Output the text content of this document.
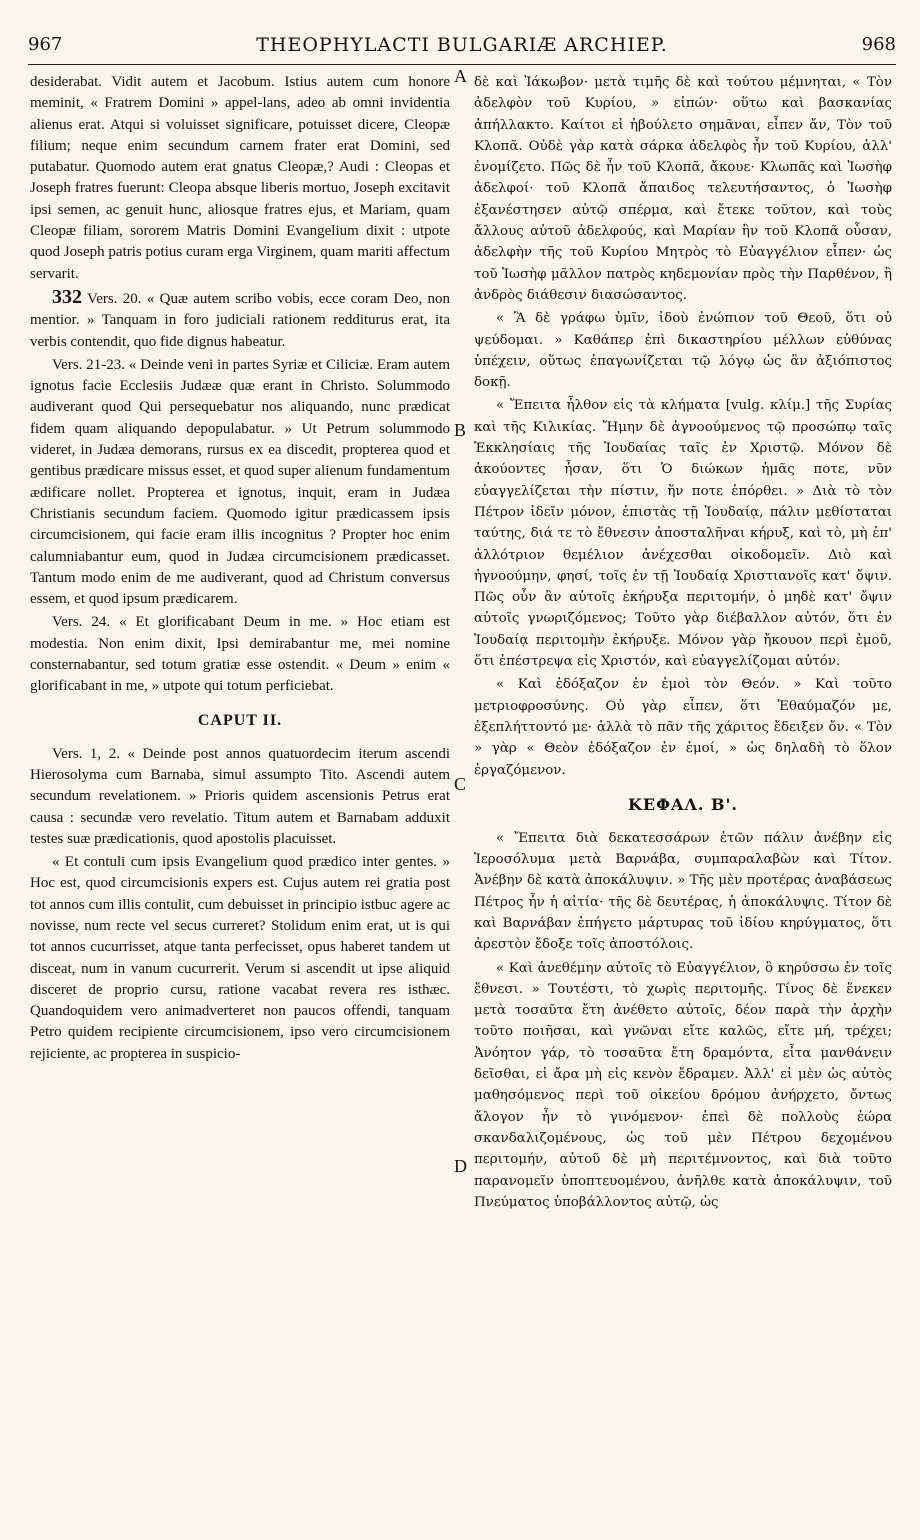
967	THEOPHYLACTI BULGARIÆ ARCHIEP.	968
A
B
C
D

desiderabat. Vidit autem et Jacobum. Istius autem cum honore meminit, « Fratrem Domini » appel-lans, adeo ab omni invidentia alienus erat. Atqui si voluisset significare, potuisset dicere, Cleopæ filium; neque enim secundum carnem frater erat Domini, sed putabatur. Quomodo autem erat gnatus Cleopæ,? Audi : Cleopas et Joseph fratres fuerunt: Cleopa absque liberis mortuo, Joseph excitavit ipsi semen, ac genuit hunc, aliosque fratres ejus, et Mariam, quam Cleopæ filiam, sororem Matris Domini Evangelium dixit : utpote quod Joseph patris potius curam erga Virginem, quam mariti affectum servarit.

332 Vers. 20. « Quæ autem scribo vobis, ecce coram Deo, non mentior. » Tanquam in foro judiciali rationem redditurus erat, ita verbis contendit, quo fide dignus habeatur.

Vers. 21-23. « Deinde veni in partes Syriæ et Ciliciæ. Eram autem ignotus facie Ecclesiis Judææ quæ erant in Christo. Solummodo audiverant quod Qui persequebatur nos aliquando, nunc prædicat fidem quam aliquando depopulabatur. » Ut Petrum solummodo videret, in Judæa demorans, rursus ex ea discedit, propterea quod et gentibus prædicare missus esset, et quod super alienum fundamentum ædificare nollet. Propterea et ignotus, inquit, eram in Judæa Christianis secundum faciem. Quomodo igitur prædicassem ipsis circumcisionem, qui facie eram illis incognitus ? Propter hoc enim calumniabantur eum, quod in Judæa circumcisionem prædicasset. Tantum modo enim de me audiverant, quod ad Christum conversus essem, et quod ipsum prædicarem.

Vers. 24. « Et glorificabant Deum in me. » Hoc etiam est modestia. Non enim dixit, Ipsi demirabantur me, mei nomine consternabantur, sed totum gratiæ esse ostendit. « Deum » enim « glorificabant in me, » utpote qui totum perficiebat.

CAPUT II.

Vers. 1, 2. « Deinde post annos quatuordecim iterum ascendi Hierosolyma cum Barnaba, simul assumpto Tito. Ascendi autem secundum revelationem. » Prioris quidem ascensionis Petrus erat causa : secundæ vero revelatio. Titum autem et Barnabam adduxit testes suæ prædicationis, quod apostolis placuisset.

« Et contuli cum ipsis Evangelium quod prædico inter gentes. » Hoc est, quod circumcisionis expers est. Cujus autem rei gratia post tot annos cum illis contulit, cum debuisset in principio istbuc agere ac novisse, num recte vel secus curreret? Stolidum enim erat, ut is qui tot annos cucurrisset, atque tanta perfecisset, opus haberet tandem ut disceat, num in vanum cucurrerit. Verum si ascendit ut ipse aliquid disceret de proprio cursu, ratione vacabat revera res isthæc. Quandoquidem vero animadverteret non paucos offendi, tanquam Petro quidem recipiente circumcisionem, ipso vero circumcisionem rejiciente, ac propterea in suspicio-

δὲ καὶ Ἰάκωβον· μετὰ τιμῆς δὲ καὶ τούτου μέμνηται, « Τὸν ἀδελφὸν τοῦ Κυρίου, » εἰπών· οὕτω καὶ βασκανίας ἀπήλλακτο. Καίτοι εἰ ἠβούλετο σημᾶναι, εἶπεν ἄν, Τὸν τοῦ Κλοπᾶ. Οὐδὲ γὰρ κατὰ σάρκα ἀδελφὸς ἦν τοῦ Κυρίου, ἀλλ' ἐνομίζετο. Πῶς δὲ ἦν τοῦ Κλοπᾶ, ἄκουε· Κλωπᾶς καὶ Ἰωσὴφ ἀδελφοί· τοῦ Κλοπᾶ ἄπαιδος τελευτήσαντος, ὁ Ἰωσὴφ ἐξανέστησεν αὐτῷ σπέρμα, καὶ ἔτεκε τοῦτον, καὶ τοὺς ἄλλους αὐτοῦ ἀδελφούς, καὶ Μαρίαν ἣν τοῦ Κλοπᾶ οὖσαν, ἀδελφὴν τῆς τοῦ Κυρίου Μητρὸς τὸ Εὐαγγέλιον εἶπεν· ὡς τοῦ Ἰωσὴφ μᾶλλον πατρὸς κηδεμονίαν πρὸς τὴν Παρθένον, ἢ ἀνδρὸς διάθεσιν διασώσαντος.

« Ἃ δὲ γράφω ὑμῖν, ἰδοὺ ἐνώπιον τοῦ Θεοῦ, ὅτι οὐ ψεύδομαι. » Καθάπερ ἐπὶ δικαστηρίου μέλλων εὐθύνας ὑπέχειν, οὕτως ἐπαγωνίζεται τῷ λόγῳ ὡς ἂν ἀξιόπιστος δοκῇ.

« Ἔπειτα ἦλθον εἰς τὰ κλήματα [vulg. κλίμ.] τῆς Συρίας καὶ τῆς Κιλικίας. Ἤμην δὲ ἀγνοούμενος τῷ προσώπῳ ταῖς Ἐκκλησίαις τῆς Ἰουδαίας ταῖς ἐν Χριστῷ. Μόνον δὲ ἀκούοντες ἦσαν, ὅτι Ὁ διώκων ἡμᾶς ποτε, νῦν εὐαγγελίζεται τὴν πίστιν, ἥν ποτε ἐπόρθει. » Διὰ τὸ τὸν Πέτρον ἰδεῖν μόνον, ἐπιστὰς τῇ Ἰουδαίᾳ, πάλιν μεθίσταται ταύτης, διά τε τὸ ἔθνεσιν ἀποσταλῆναι κήρυξ, καὶ τὸ, μὴ ἐπ' ἀλλότριον θεμέλιον ἀνέχεσθαι οἰκοδομεῖν. Διὸ καὶ ἠγνοούμην, φησί, τοῖς ἐν τῇ Ἰουδαίᾳ Χριστιανοῖς κατ' ὄψιν. Πῶς οὖν ἂν αὐτοῖς ἐκήρυξα περιτομήν, ὁ μηδὲ κατ' ὄψιν αὐτοῖς γνωριζόμενος; Τοῦτο γὰρ διέβαλλον αὐτόν, ὅτι ἐν Ἰουδαίᾳ περιτομὴν ἐκήρυξε. Μόνον γὰρ ἤκουον περὶ ἐμοῦ, ὅτι ἐπέστρεψα εἰς Χριστόν, καὶ εὐαγγελίζομαι αὐτόν.

« Καὶ ἐδόξαζον ἐν ἐμοὶ τὸν Θεόν. » Καὶ τοῦτο μετριοφροσύνης. Οὐ γὰρ εἶπεν, ὅτι Ἐθαύμαζόν με, ἐξεπλήττοντό με· ἀλλὰ τὸ πᾶν τῆς χάριτος ἔδειξεν ὄν. « Τὸν » γὰρ « Θεὸν ἐδόξαζον ἐν ἐμοί, » ὡς δηλαδὴ τὸ ὅλον ἐργαζόμενον.

ΚΕΦΑΛ. Β'.

« Ἔπειτα διὰ δεκατεσσάρων ἐτῶν πάλιν ἀνέβην εἰς Ἱεροσόλυμα μετὰ Βαρνάβα, συμπαραλαβὼν καὶ Τίτον. Ἀνέβην δὲ κατὰ ἀποκάλυψιν. » Τῆς μὲν προτέρας ἀναβάσεως Πέτρος ἦν ἡ αἰτία· τῆς δὲ δευτέρας, ἡ ἀποκάλυψις. Τίτον δὲ καὶ Βαρνάβαν ἐπήγετο μάρτυρας τοῦ ἰδίου κηρύγματος, ὅτι ἀρεστὸν ἔδοξε τοῖς ἀποστόλοις.

« Καὶ ἀνεθέμην αὐτοῖς τὸ Εὐαγγέλιον, ὃ κηρύσσω ἐν τοῖς ἔθνεσι. » Τουτέστι, τὸ χωρὶς περιτομῆς. Τίνος δὲ ἕνεκεν μετὰ τοσαῦτα ἔτη ἀνέθετο αὐτοῖς, δέον παρὰ τὴν ἀρχὴν τοῦτο ποιῆσαι, καὶ γνῶναι εἴτε καλῶς, εἴτε μή, τρέχει; Ἀνόητον γάρ, τὸ τοσαῦτα ἔτη δραμόντα, εἶτα μανθάνειν δεῖσθαι, εἰ ἄρα μὴ εἰς κενὸν ἔδραμεν. Ἀλλ' εἰ μὲν ὡς αὐτὸς μαθησόμενος περὶ τοῦ οἰκείου δρόμου ἀνήρχετο, ὄντως ἄλογον ἦν τὸ γινόμενον· ἐπεὶ δὲ πολλοὺς ἑώρα σκανδαλιζομένους, ὡς τοῦ μὲν Πέτρου δεχομένου περιτομήν, αὐτοῦ δὲ μὴ περιτέμνοντος, καὶ διὰ τοῦτο παρανομεῖν ὑποπτευομένου, ἀνῆλθε κατὰ ἀποκάλυψιν, τοῦ Πνεύματος ὑποβάλλοντος αὐτῷ, ὡς
